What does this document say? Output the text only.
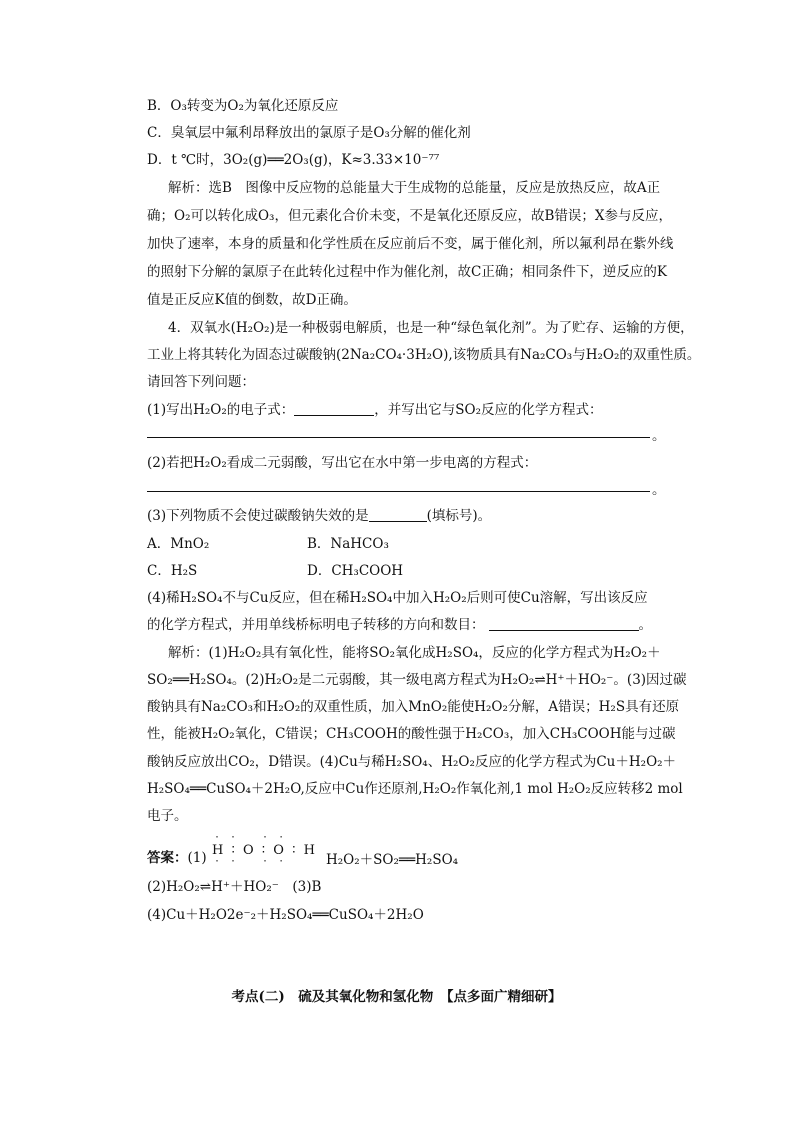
B．O₃转变为O₂为氧化还原反应

C．臭氧层中氟利昂释放出的氯原子是O₃分解的催化剂

D．t ℃时，3O₂(g)══2O₃(g)，K≈3.33×10⁻⁷⁷

解析：选B　图像中反应物的总能量大于生成物的总能量，反应是放热反应，故A正

确；O₂可以转化成O₃，但元素化合价未变，不是氧化还原反应，故B错误；X参与反应，

加快了速率，本身的质量和化学性质在反应前后不变，属于催化剂，所以氟利昂在紫外线

的照射下分解的氯原子在此转化过程中作为催化剂，故C正确；相同条件下，逆反应的K

值是正反应K值的倒数，故D正确。

4．双氧水(H₂O₂)是一种极弱电解质，也是一种“绿色氧化剂”。为了贮存、运输的方便，

工业上将其转化为固态过碳酸钠(2Na₂CO₄·3H₂O),该物质具有Na₂CO₃与H₂O₂的双重性质。

请回答下列问题：

(1)写出H₂O₂的电子式：	，并写出它与SO₂反应的化学方程式：

。

(2)若把H₂O₂看成二元弱酸，写出它在水中第一步电离的方程式：

。

(3)下列物质不会使过碳酸钠失效的是	(填标号)。

A．MnO₂	B．NaHCO₃

C．H₂S	D．CH₃COOH

(4)稀H₂SO₄不与Cu反应，但在稀H₂SO₄中加入H₂O₂后则可使Cu溶解，写出该反应

的化学方程式，并用单线桥标明电子转移的方向和数目：	。

解析：(1)H₂O₂具有氧化性，能将SO₂氧化成H₂SO₄，反应的化学方程式为H₂O₂＋

SO₂══H₂SO₄。(2)H₂O₂是二元弱酸，其一级电离方程式为H₂O₂⇌H⁺＋HO₂⁻。(3)因过碳

酸钠具有Na₂CO₃和H₂O₂的双重性质，加入MnO₂能使H₂O₂分解，A错误；H₂S具有还原

性，能被H₂O₂氧化，C错误；CH₃COOH的酸性强于H₂CO₃，加入CH₃COOH能与过碳

酸钠反应放出CO₂，D错误。(4)Cu与稀H₂SO₄、H₂O₂反应的化学方程式为Cu＋H₂O₂＋

H₂SO₄══CuSO₄＋2H₂O,反应中Cu作还原剂,H₂O₂作氧化剂,1 mol H₂O₂反应转移2 mol

电子。

答案：(1)

·· ··
H ∶ O ∶ O ∶ H
·· ·· H₂O₂＋SO₂══H₂SO₄

(2)H₂O₂⇌H⁺＋HO₂⁻　(3)B

(4)Cu＋H₂O2e⁻₂＋H₂SO₄══CuSO₄＋2H₂O

考点(二)　硫及其氧化物和氢化物　【点多面广精细研】
